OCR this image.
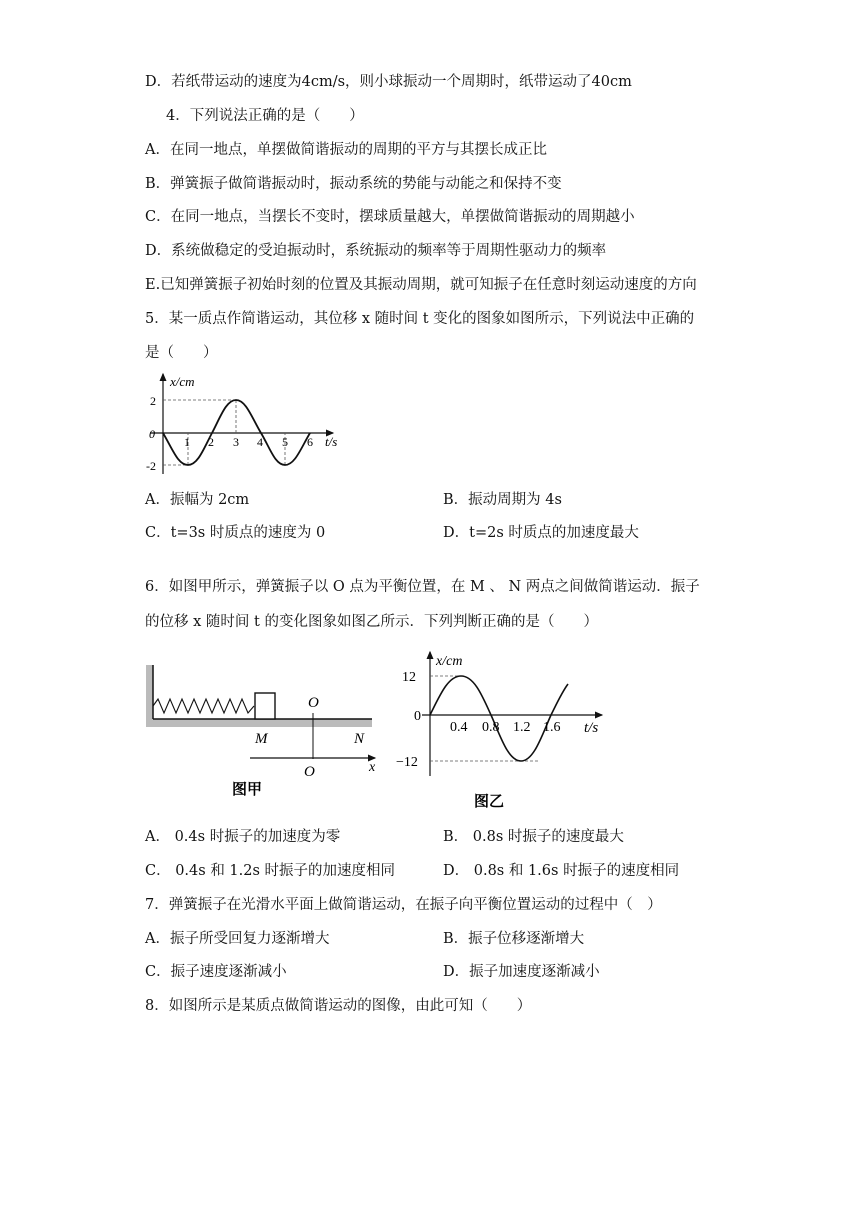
D．若纸带运动的速度为4cm/s，则小球振动一个周期时，纸带运动了40cm
4．下列说法正确的是（　　）
A．在同一地点，单摆做简谐振动的周期的平方与其摆长成正比
B．弹簧振子做简谐振动时，振动系统的势能与动能之和保持不变
C．在同一地点，当摆长不变时，摆球质量越大，单摆做简谐振动的周期越小
D．系统做稳定的受迫振动时，系统振动的频率等于周期性驱动力的频率
E.已知弹簧振子初始时刻的位置及其振动周期，就可知振子在任意时刻运动速度的方向
5．某一质点作简谐运动，其位移 x 随时间 t 变化的图象如图所示，下列说法中正确的
是（　　）
x/cm
t/s
0
2
-2
1 2 3 4 5 6
A．振幅为 2cm	B．振动周期为 4s
C．t=3s 时质点的速度为 0	D．t=2s 时质点的加速度最大
6．如图甲所示，弹簧振子以 O 点为平衡位置，在 M 、 N 两点之间做简谐运动．振子
的位移 x 随时间 t 的变化图象如图乙所示．下列判断正确的是（　　）
O
M	N
O	x
图甲
x/cm
t/s
12
0
−12
0.4 0.8 1.2 1.6
图乙
A． 0.4s 时振子的加速度为零	B． 0.8s 时振子的速度最大
C． 0.4s 和 1.2s 时振子的加速度相同	D． 0.8s 和 1.6s 时振子的速度相同
7．弹簧振子在光滑水平面上做简谐运动，在振子向平衡位置运动的过程中（　）
A．振子所受回复力逐渐增大	B．振子位移逐渐增大
C．振子速度逐渐减小	D．振子加速度逐渐减小
8．如图所示是某质点做简谐运动的图像，由此可知（　　）
